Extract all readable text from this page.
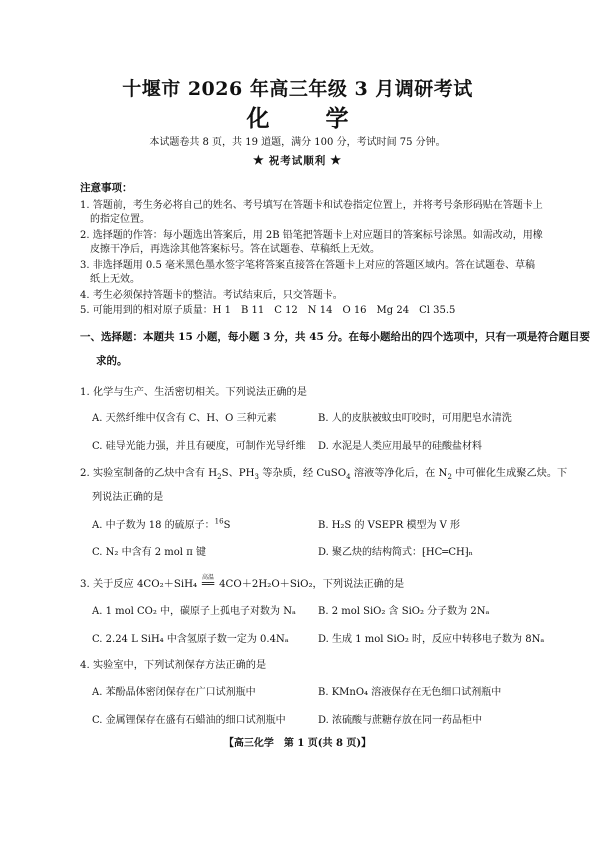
十堰市 2026 年高三年级 3 月调研考试
化 学
本试题卷共 8 页，共 19 道题，满分 100 分，考试时间 75 分钟。
★ 祝考试顺利 ★
注意事项：
1. 答题前，考生务必将自己的姓名、考号填写在答题卡和试卷指定位置上，并将考号条形码贴在答题卡上
的指定位置。
2. 选择题的作答：每小题选出答案后，用 2B 铅笔把答题卡上对应题目的答案标号涂黑。如需改动，用橡
皮擦干净后，再选涂其他答案标号。答在试题卷、草稿纸上无效。
3. 非选择题用 0.5 毫米黑色墨水签字笔将答案直接答在答题卡上对应的答题区域内。答在试题卷、草稿
纸上无效。
4. 考生必须保持答题卡的整洁。考试结束后，只交答题卡。
5. 可能用到的相对原子质量：H 1　B 11　C 12　N 14　O 16　Mg 24　Cl 35.5
一、选择题：本题共 15 小题，每小题 3 分，共 45 分。在每小题给出的四个选项中，只有一项是符合题目要
求的。
1. 化学与生产、生活密切相关。下列说法正确的是
A. 天然纤维中仅含有 C、H、O 三种元素	B. 人的皮肤被蚊虫叮咬时，可用肥皂水清洗
C. 硅导光能力强，并且有硬度，可制作光导纤维 D. 水泥是人类应用最早的硅酸盐材料
2. 实验室制备的乙炔中含有 $H_2S$、$PH_3$ 等杂质，经 CuSO$_4$ 溶液等净化后，在 $N_2$ 中可催化生成聚乙炔。下
列说法正确的是
A. 中子数为 18 的硫原子：$^{16}$S	B. H₂S 的 VSEPR 模型为 V 形
C. N₂ 中含有 2 mol π 键	D. 聚乙炔的结构简式：⁅HC═CH⁆ₙ
3. 关于反应 4CO₂＋SiH₄
高温
══ 4CO＋2H₂O＋SiO₂，下列说法正确的是
A. 1 mol CO₂ 中，碳原子上孤电子对数为 Nₐ B. 2 mol SiO₂ 含 SiO₂ 分子数为 2Nₐ
C. 2.24 L SiH₄ 中含氢原子数一定为 0.4Nₐ	D. 生成 1 mol SiO₂ 时，反应中转移电子数为 8Nₐ
4. 实验室中，下列试剂保存方法正确的是
A. 苯酚晶体密闭保存在广口试剂瓶中	B. KMnO₄ 溶液保存在无色细口试剂瓶中
C. 金属锂保存在盛有石蜡油的细口试剂瓶中	D. 浓硫酸与蔗糖存放在同一药品柜中
【高三化学　第 1 页(共 8 页)】
